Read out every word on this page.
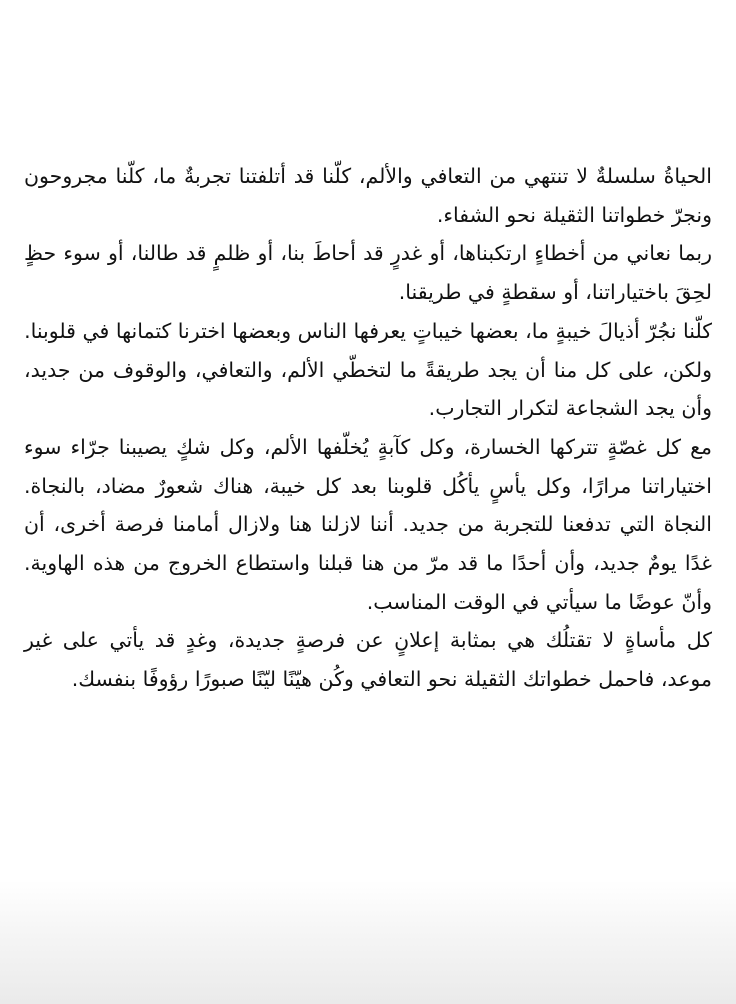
الحياةُ سلسلةٌ لا تنتهي من التعافي والألم، كلّنا قد أتلفتنا تجربةٌ ما، كلّنا مجروحون ونجرّ خطواتنا الثقيلة نحو الشفاء.

ربما نعاني من أخطاءٍ ارتكبناها، أو غدرٍ قد أحاطَ بنا، أو ظلمٍ قد طالنا، أو سوء حظٍ لحِقَ باختياراتنا، أو سقطةٍ في طريقنا.

كلّنا نجُرّ أذيالَ خيبةٍ ما، بعضها خيباتٍ يعرفها الناس وبعضها اخترنا كتمانها في قلوبنا.

ولكن، على كل منا أن يجد طريقةً ما لتخطّي الألم، والتعافي، والوقوف من جديد، وأن يجد الشجاعة لتكرار التجارب.

مع كل غصّةٍ تتركها الخسارة، وكل كآبةٍ يُخلّفها الألم، وكل شكٍ يصيبنا جرّاء سوء اختياراتنا مرارًا، وكل يأسٍ يأكُل قلوبنا بعد كل خيبة، هناك شعورٌ مضاد، بالنجاة. النجاة التي تدفعنا للتجربة من جديد. أننا لازلنا هنا ولازال أمامنا فرصة أخرى، أن غدًا يومٌ جديد، وأن أحدًا ما قد مرّ من هنا قبلنا واستطاع الخروج من هذه الهاوية. وأنّ عوضًا ما سيأتي في الوقت المناسب.

كل مأساةٍ لا تقتلُك هي بمثابة إعلانٍ عن فرصةٍ جديدة، وغدٍ قد يأتي على غير موعد، فاحمل خطواتك الثقيلة نحو التعافي وكُن هيّنًا ليّنًا صبورًا رؤوفًا بنفسك.
